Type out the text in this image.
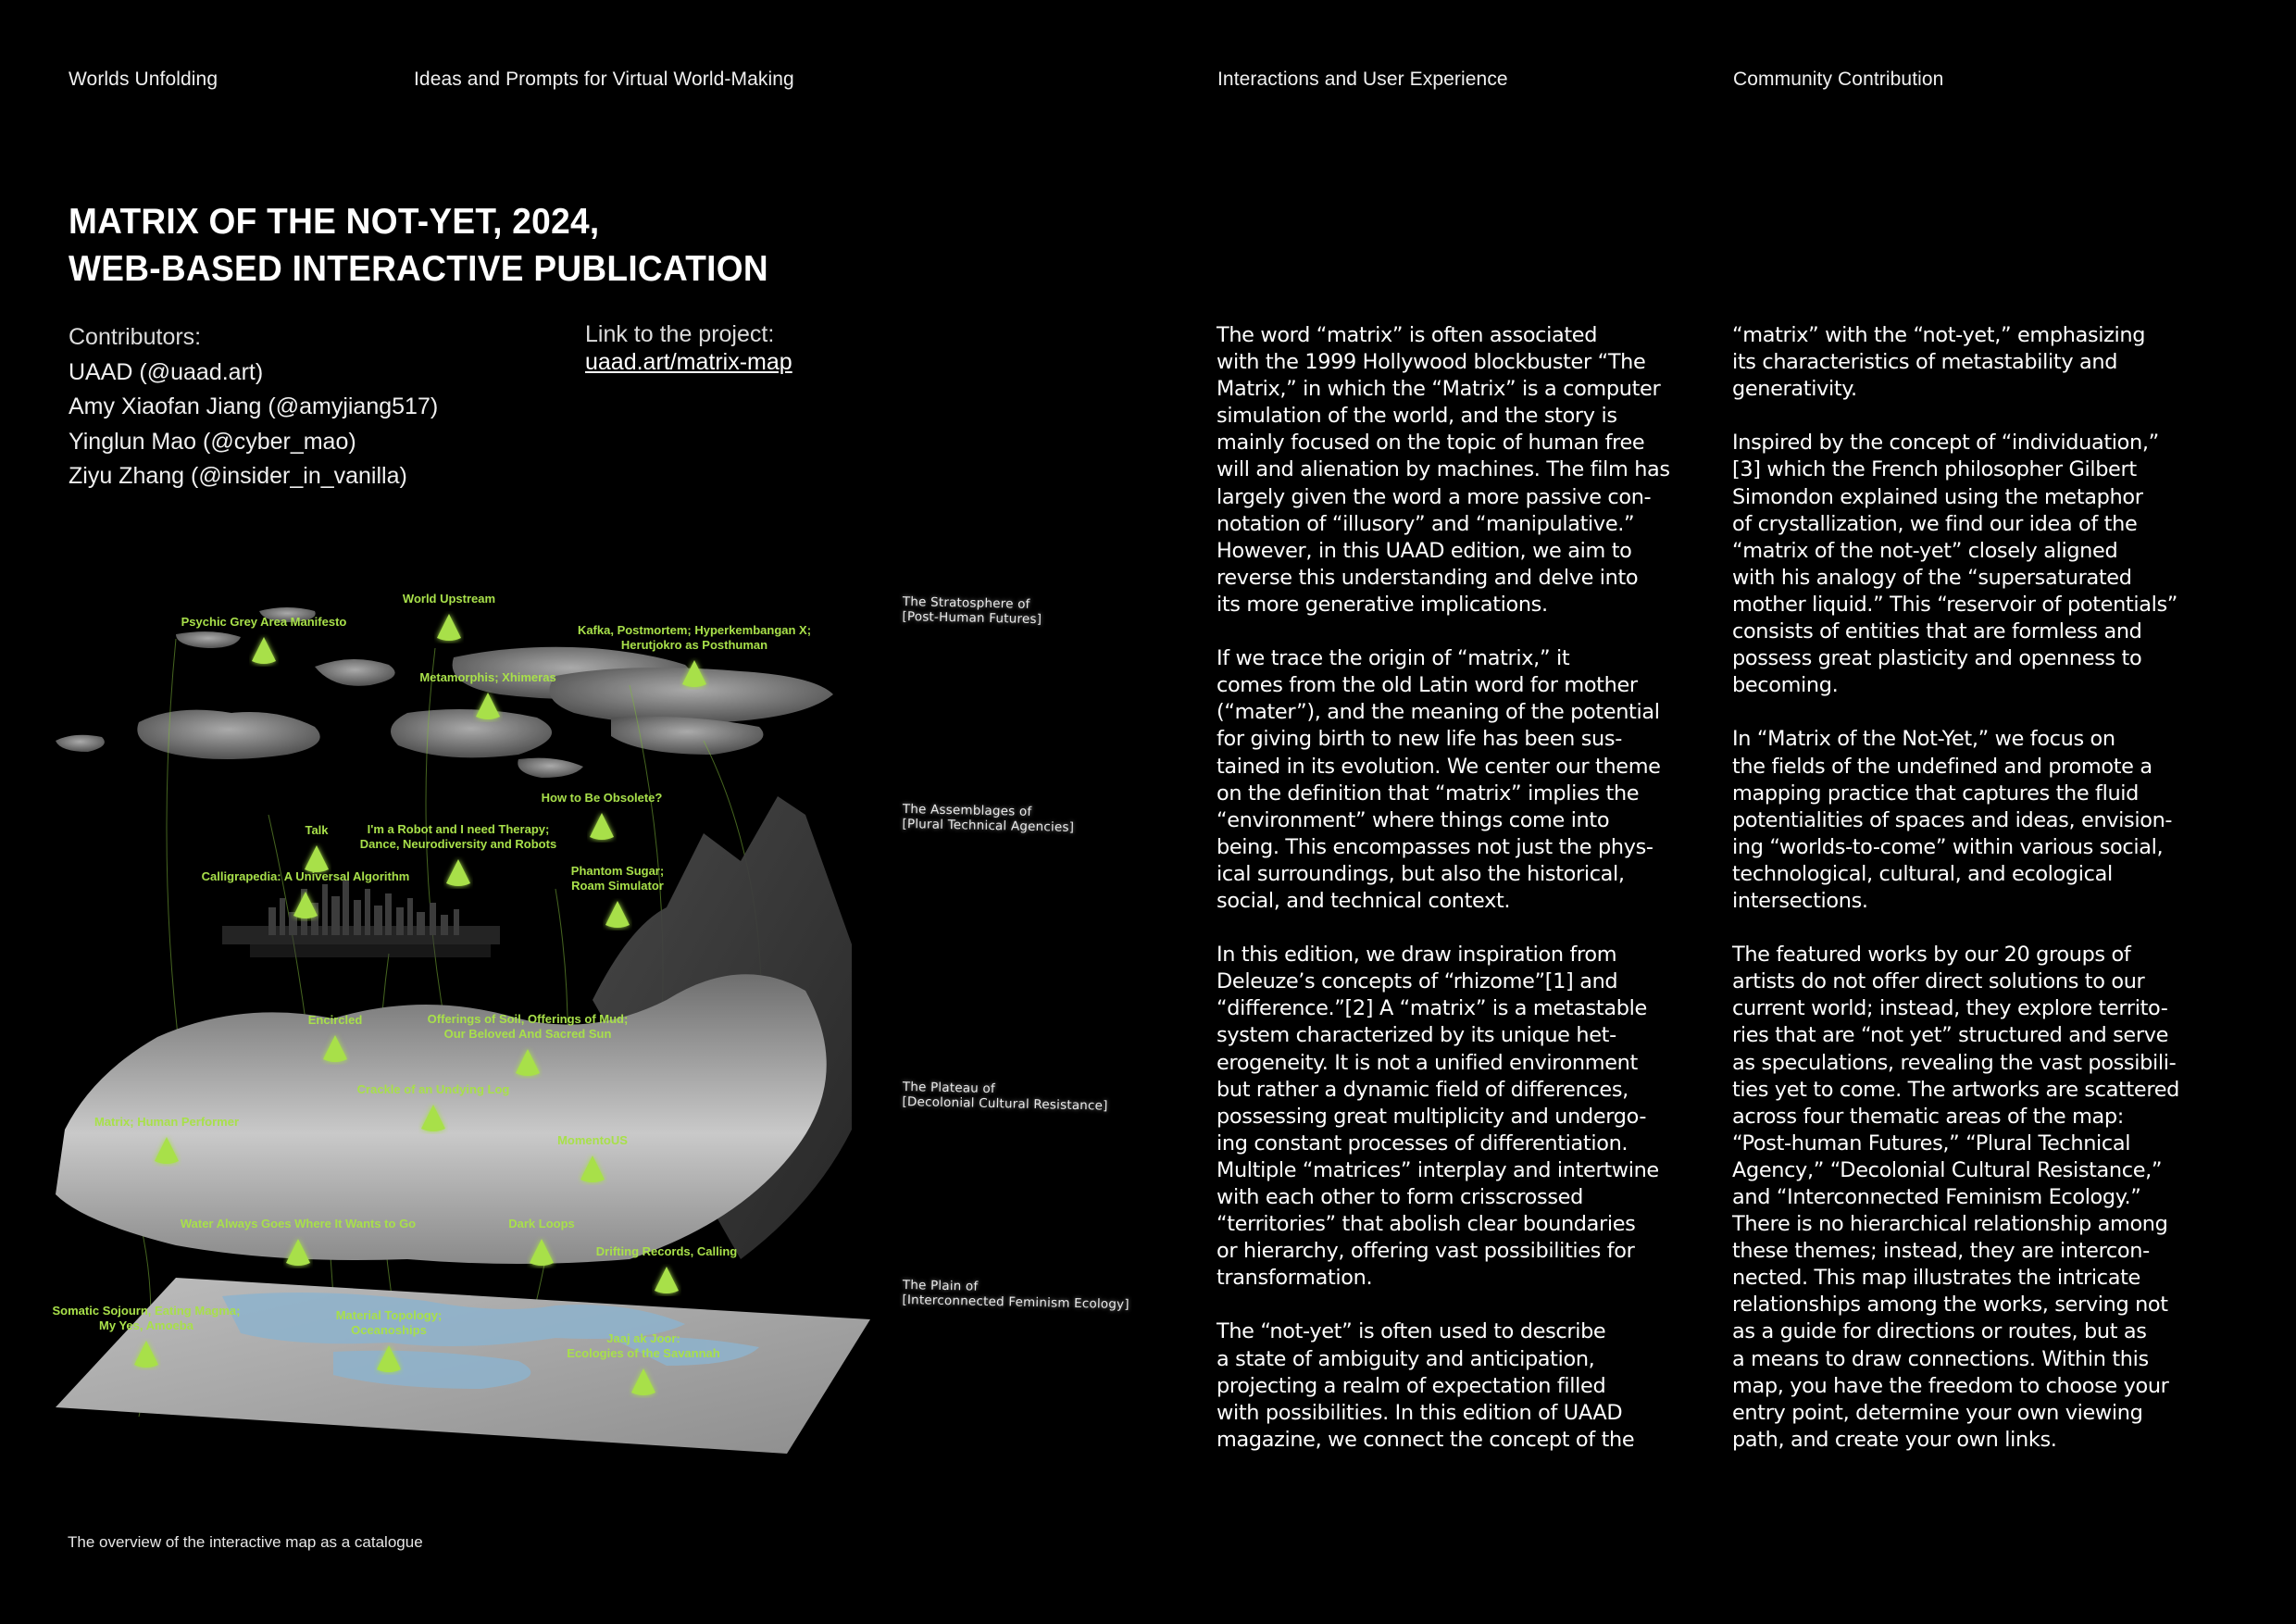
Worlds Unfolding	Ideas and Prompts for Virtual World-Making	Interactions and User Experience	Community Contribution
MATRIX OF THE NOT-YET, 2024,
WEB-BASED INTERACTIVE PUBLICATION
Contributors:
UAAD (@uaad.art)
Amy Xiaofan Jiang (@amyjiang517)
Yinglun Mao (@cyber_mao)
Ziyu Zhang (@insider_in_vanilla)
Link to the project:
uaad.art/matrix-map
World Upstream
Psychic Grey Area Manifesto
Kafka, Postmortem; Hyperkembangan X; Herutjokro as Posthuman
Metamorphis; Xhimeras
How to Be Obsolete?
Talk	I'm a Robot and I need Therapy; Dance, Neurodiversity and Robots
Calligrapedia: A Universal Algorithm	Phantom Sugar; Roam Simulator
Encircled	Offerings of Soil, Offerings of Mud; Our Beloved And Sacred Sun
Crackle of an Undying Log
Matrix; Human Performer
MomentoUS
Water Always Goes Where It Wants to Go	Dark Loops
Drifting Records, Calling
Somatic Sojourn, Eating Magma; My Yes, Amoeba
Material Topology; Oceanoships
Jaaj ak Joor: Ecologies of the Savannah
The Stratosphere of
[Post-Human Futures]
The Assemblages of
[Plural Technical Agencies]
The Plateau of
[Decolonial Cultural Resistance]
The Plain of
[Interconnected Feminism Ecology]
The overview of the interactive map as a catalogue

The word “matrix” is often associated
with the 1999 Hollywood blockbuster “The
Matrix,” in which the “Matrix” is a computer
simulation of the world, and the story is
mainly focused on the topic of human free
will and alienation by machines. The film has
largely given the word a more passive con-
notation of “illusory” and “manipulative.”
However, in this UAAD edition, we aim to
reverse this understanding and delve into
its more generative implications.

If we trace the origin of “matrix,” it
comes from the old Latin word for mother
(“mater”), and the meaning of the potential
for giving birth to new life has been sus-
tained in its evolution. We center our theme
on the definition that “matrix” implies the
“environment” where things come into
being. This encompasses not just the phys-
ical surroundings, but also the historical,
social, and technical context.

In this edition, we draw inspiration from
Deleuze’s concepts of “rhizome”[1] and
“difference.”[2] A “matrix” is a metastable
system characterized by its unique het-
erogeneity. It is not a unified environment
but rather a dynamic field of differences,
possessing great multiplicity and undergo-
ing constant processes of differentiation.
Multiple “matrices” interplay and intertwine
with each other to form crisscrossed
“territories” that abolish clear boundaries
or hierarchy, offering vast possibilities for
transformation.

The “not-yet” is often used to describe
a state of ambiguity and anticipation,
projecting a realm of expectation filled
with possibilities. In this edition of UAAD
magazine, we connect the concept of the

“matrix” with the “not-yet,” emphasizing
its characteristics of metastability and
generativity.

Inspired by the concept of “individuation,”
[3] which the French philosopher Gilbert
Simondon explained using the metaphor
of crystallization, we find our idea of the
“matrix of the not-yet” closely aligned
with his analogy of the “supersaturated
mother liquid.” This “reservoir of potentials”
consists of entities that are formless and
possess great plasticity and openness to
becoming.

In “Matrix of the Not-Yet,” we focus on
the fields of the undefined and promote a
mapping practice that captures the fluid
potentialities of spaces and ideas, envision-
ing “worlds-to-come” within various social,
technological, cultural, and ecological
intersections.

The featured works by our 20 groups of
artists do not offer direct solutions to our
current world; instead, they explore territo-
ries that are “not yet” structured and serve
as speculations, revealing the vast possibili-
ties yet to come. The artworks are scattered
across four thematic areas of the map:
“Post-human Futures,” “Plural Technical
Agency,” “Decolonial Cultural Resistance,”
and “Interconnected Feminism Ecology.”
There is no hierarchical relationship among
these themes; instead, they are intercon-
nected. This map illustrates the intricate
relationships among the works, serving not
as a guide for directions or routes, but as
a means to draw connections. Within this
map, you have the freedom to choose your
entry point, determine your own viewing
path, and create your own links.
